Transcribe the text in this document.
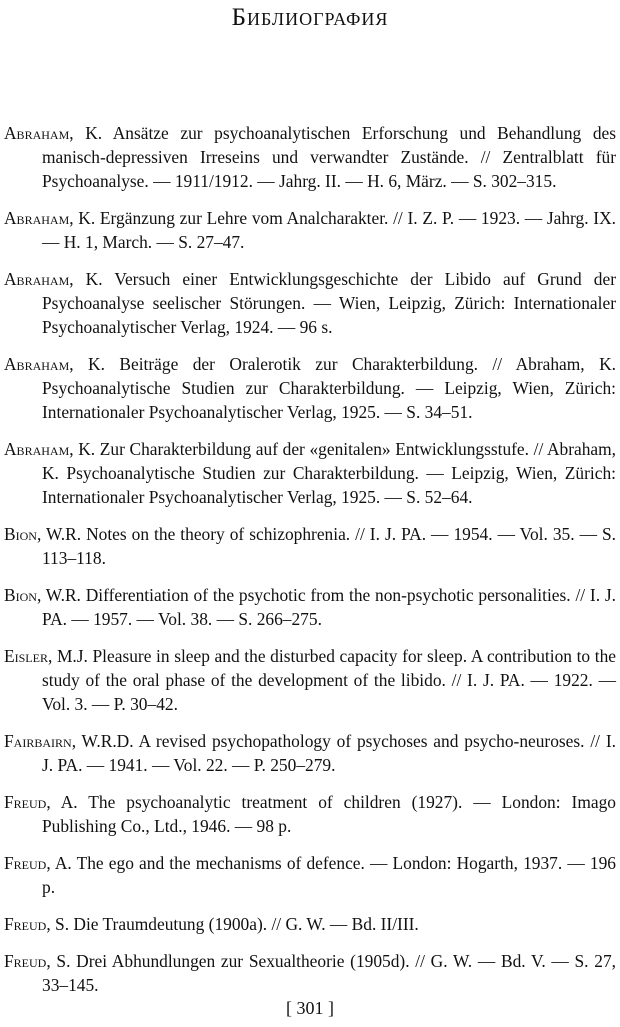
Библиография

Abraham, K. Ansätze zur psychoanalytischen Erforschung und Behandlung des manisch-depressiven Irreseins und verwandter Zustände. // Zentralblatt für Psychoanalyse. — 1911/1912. — Jahrg. II. — H. 6, März. — S. 302–315.

Abraham, K. Ergänzung zur Lehre vom Analcharakter. // I. Z. P. — 1923. — Jahrg. IX. — H. 1, March. — S. 27–47.

Abraham, K. Versuch einer Entwicklungsgeschichte der Libido auf Grund der Psychoanalyse seelischer Störungen. — Wien, Leipzig, Zürich: Internationaler Psychoanalytischer Verlag, 1924. — 96 s.

Abraham, K. Beiträge der Oralerotik zur Charakterbildung. // Abraham, K. Psychoanalytische Studien zur Charakterbildung. — Leipzig, Wien, Zürich: Internationaler Psychoanalytischer Verlag, 1925. — S. 34–51.

Abraham, K. Zur Charakterbildung auf der «genitalen» Entwicklungsstufe. // Abraham, K. Psychoanalytische Studien zur Charakterbildung. — Leipzig, Wien, Zürich: Internationaler Psychoanalytischer Verlag, 1925. — S. 52–64.

Bion, W.R. Notes on the theory of schizophrenia. // I. J. PA. — 1954. — Vol. 35. — S. 113–118.

Bion, W.R. Differentiation of the psychotic from the non-psychotic personalities. // I. J. PA. — 1957. — Vol. 38. — S. 266–275.

Eisler, M.J. Pleasure in sleep and the disturbed capacity for sleep. A contribution to the study of the oral phase of the development of the libido. // I. J. PA. — 1922. — Vol. 3. — P. 30–42.

Fairbairn, W.R.D. A revised psychopathology of psychoses and psycho-neuroses. // I. J. PA. — 1941. — Vol. 22. — P. 250–279.

Freud, A. The psychoanalytic treatment of children (1927). — London: Imago Publishing Co., Ltd., 1946. — 98 p.

Freud, A. The ego and the mechanisms of defence. — London: Hogarth, 1937. — 196 p.

Freud, S. Die Traumdeutung (1900a). // G. W. — Bd. II/III.

Freud, S. Drei Abhundlungen zur Sexualtheorie (1905d). // G. W. — Bd. V. — S. 27, 33–145.

[ 301 ]
